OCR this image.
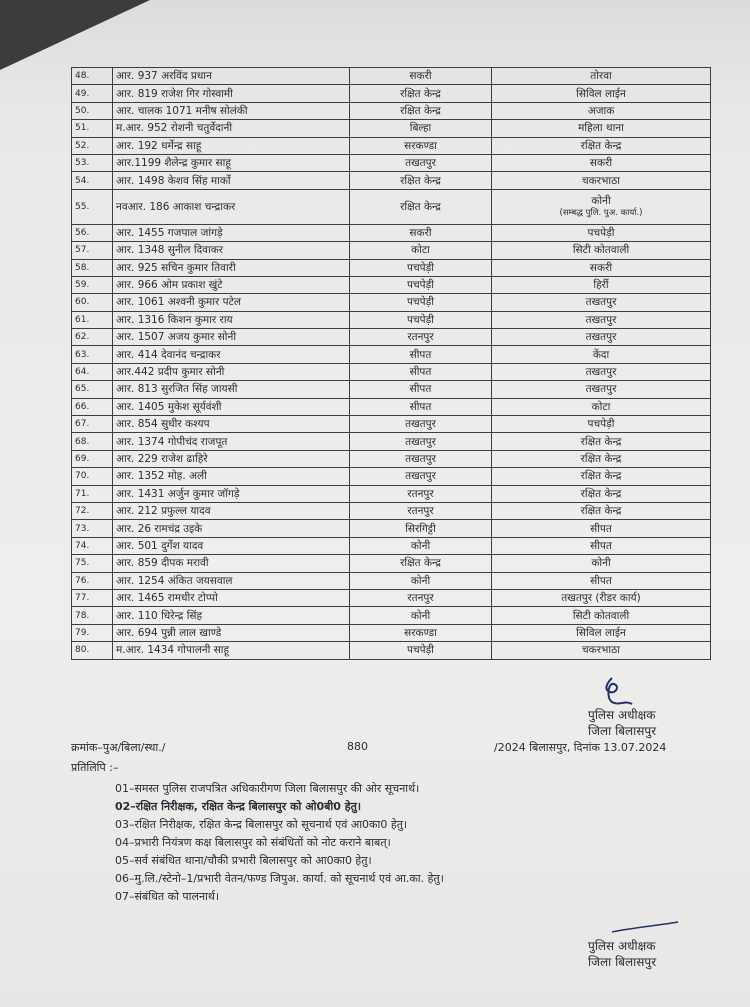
48.	आर. 937 अरविंद प्रधान	सकरी	तोरवा
49.	आर. 819 राजेश गिर गोस्वामी	रक्षित केन्द्र	सिविल लाईन
50.	आर. चालक 1071 मनीष सोलंकी	रक्षित केन्द्र	अजाक
51.	म.आर. 952 रोशनी चतुर्वेदानी	बिल्हा	महिला थाना
52.	आर. 192 धर्मेन्द्र साहू	सरकण्डा	रक्षित केन्द्र
53.	आर.1199 शैलेन्द्र कुमार साहू	तखतपुर	सकरी
54.	आर. 1498 केशव सिंह मार्को	रक्षित केन्द्र	चकरभाठा
55.	नवआर. 186 आकाश चन्द्राकर	रक्षित केन्द्र	कोनी
(सम्बद्ध पुलि. पुअ. कार्या.)

56.	आर. 1455 गजपाल जांगड़े	सकरी	पचपेड़ी
57.	आर. 1348 सुनील दिवाकर	कोटा	सिटी कोतवाली
58.	आर. 925 सचिन कुमार तिवारी	पचपेड़ी	सकरी
59.	आर. 966 ओम प्रकाश खुंटे	पचपेड़ी	हिर्री
60.	आर. 1061 अश्वनी कुमार पटेल	पचपेड़ी	तखतपुर
61.	आर. 1316 किशन कुमार राय	पचपेड़ी	तखतपुर
62.	आर. 1507 अजय कुमार सोनी	रतनपुर	तखतपुर
63.	आर. 414 देवानंद चन्द्राकर	सीपत	केंदा
64.	आर.442 प्रदीप कुमार सोनी	सीपत	तखतपुर
65.	आर. 813 सुरजित सिंह जायसी	सीपत	तखतपुर
66.	आर. 1405 मुकेश सूर्यवंशी	सीपत	कोटा
67.	आर. 854 सुधीर कश्यप	तखतपुर	पचपेड़ी
68.	आर. 1374 गोपीचंद राजपूत	तखतपुर	रक्षित केन्द्र
69.	आर. 229 राजेश ढाहिरे	तखतपुर	रक्षित केन्द्र
70.	आर. 1352 मोह. अली	तखतपुर	रक्षित केन्द्र
71.	आर. 1431 अर्जुन कुमार जॉगड़े	रतनपुर	रक्षित केन्द्र
72.	आर. 212 प्रफुल्ल यादव	रतनपुर	रक्षित केन्द्र
73.	आर. 26 रामचंद्र उइके	सिरगिट्टी	सीपत
74.	आर. 501 दुर्गेश यादव	कोनी	सीपत
75.	आर. 859 दीपक मरावी	रक्षित केन्द्र	कोनी
76.	आर. 1254 अंकित जयसवाल	कोनी	सीपत
77.	आर. 1465 रामधीर टोप्पो	रतनपुर	तखतपुर (रीडर कार्य)
78.	आर. 110 धिरेन्द्र सिंह	कोनी	सिटी कोतवाली
79.	आर. 694 पुन्नी लाल खाण्डे	सरकण्डा	सिविल लाईन
80.	म.आर. 1434 गोपालनी साहू	पचपेड़ी	चकरभाठा
पुलिस अधीक्षक
जिला बिलासपुर
क्रमांक–पुअ/बिला/स्था./	880	/2024 बिलासपुर, दिनांक 13.07.2024
प्रतिलिपि :–
01–समस्त पुलिस राजपत्रित अधिकारीगण जिला बिलासपुर की ओर सूचनार्थ।
02–रक्षित निरीक्षक, रक्षित केन्द्र बिलासपुर को ओ0बी0 हेतु।
03–रक्षित निरीक्षक, रक्षित केन्द्र बिलासपुर को सूचनार्थ एवं आ0का0 हेतु।
04–प्रभारी नियंत्रण कक्ष बिलासपुर को संबंधितों को नोट कराने बाबत्।
05–सर्व संबंधित थाना/चौकी प्रभारी बिलासपुर को आ0का0 हेतु।
06–मु.लि./स्टेनो–1/प्रभारी वेतन/फण्ड जिपुअ. कार्या. को सूचनार्थ एवं आ.का. हेतु।
07–संबंधित को पालनार्थ।
पुलिस अधीक्षक
जिला बिलासपुर
